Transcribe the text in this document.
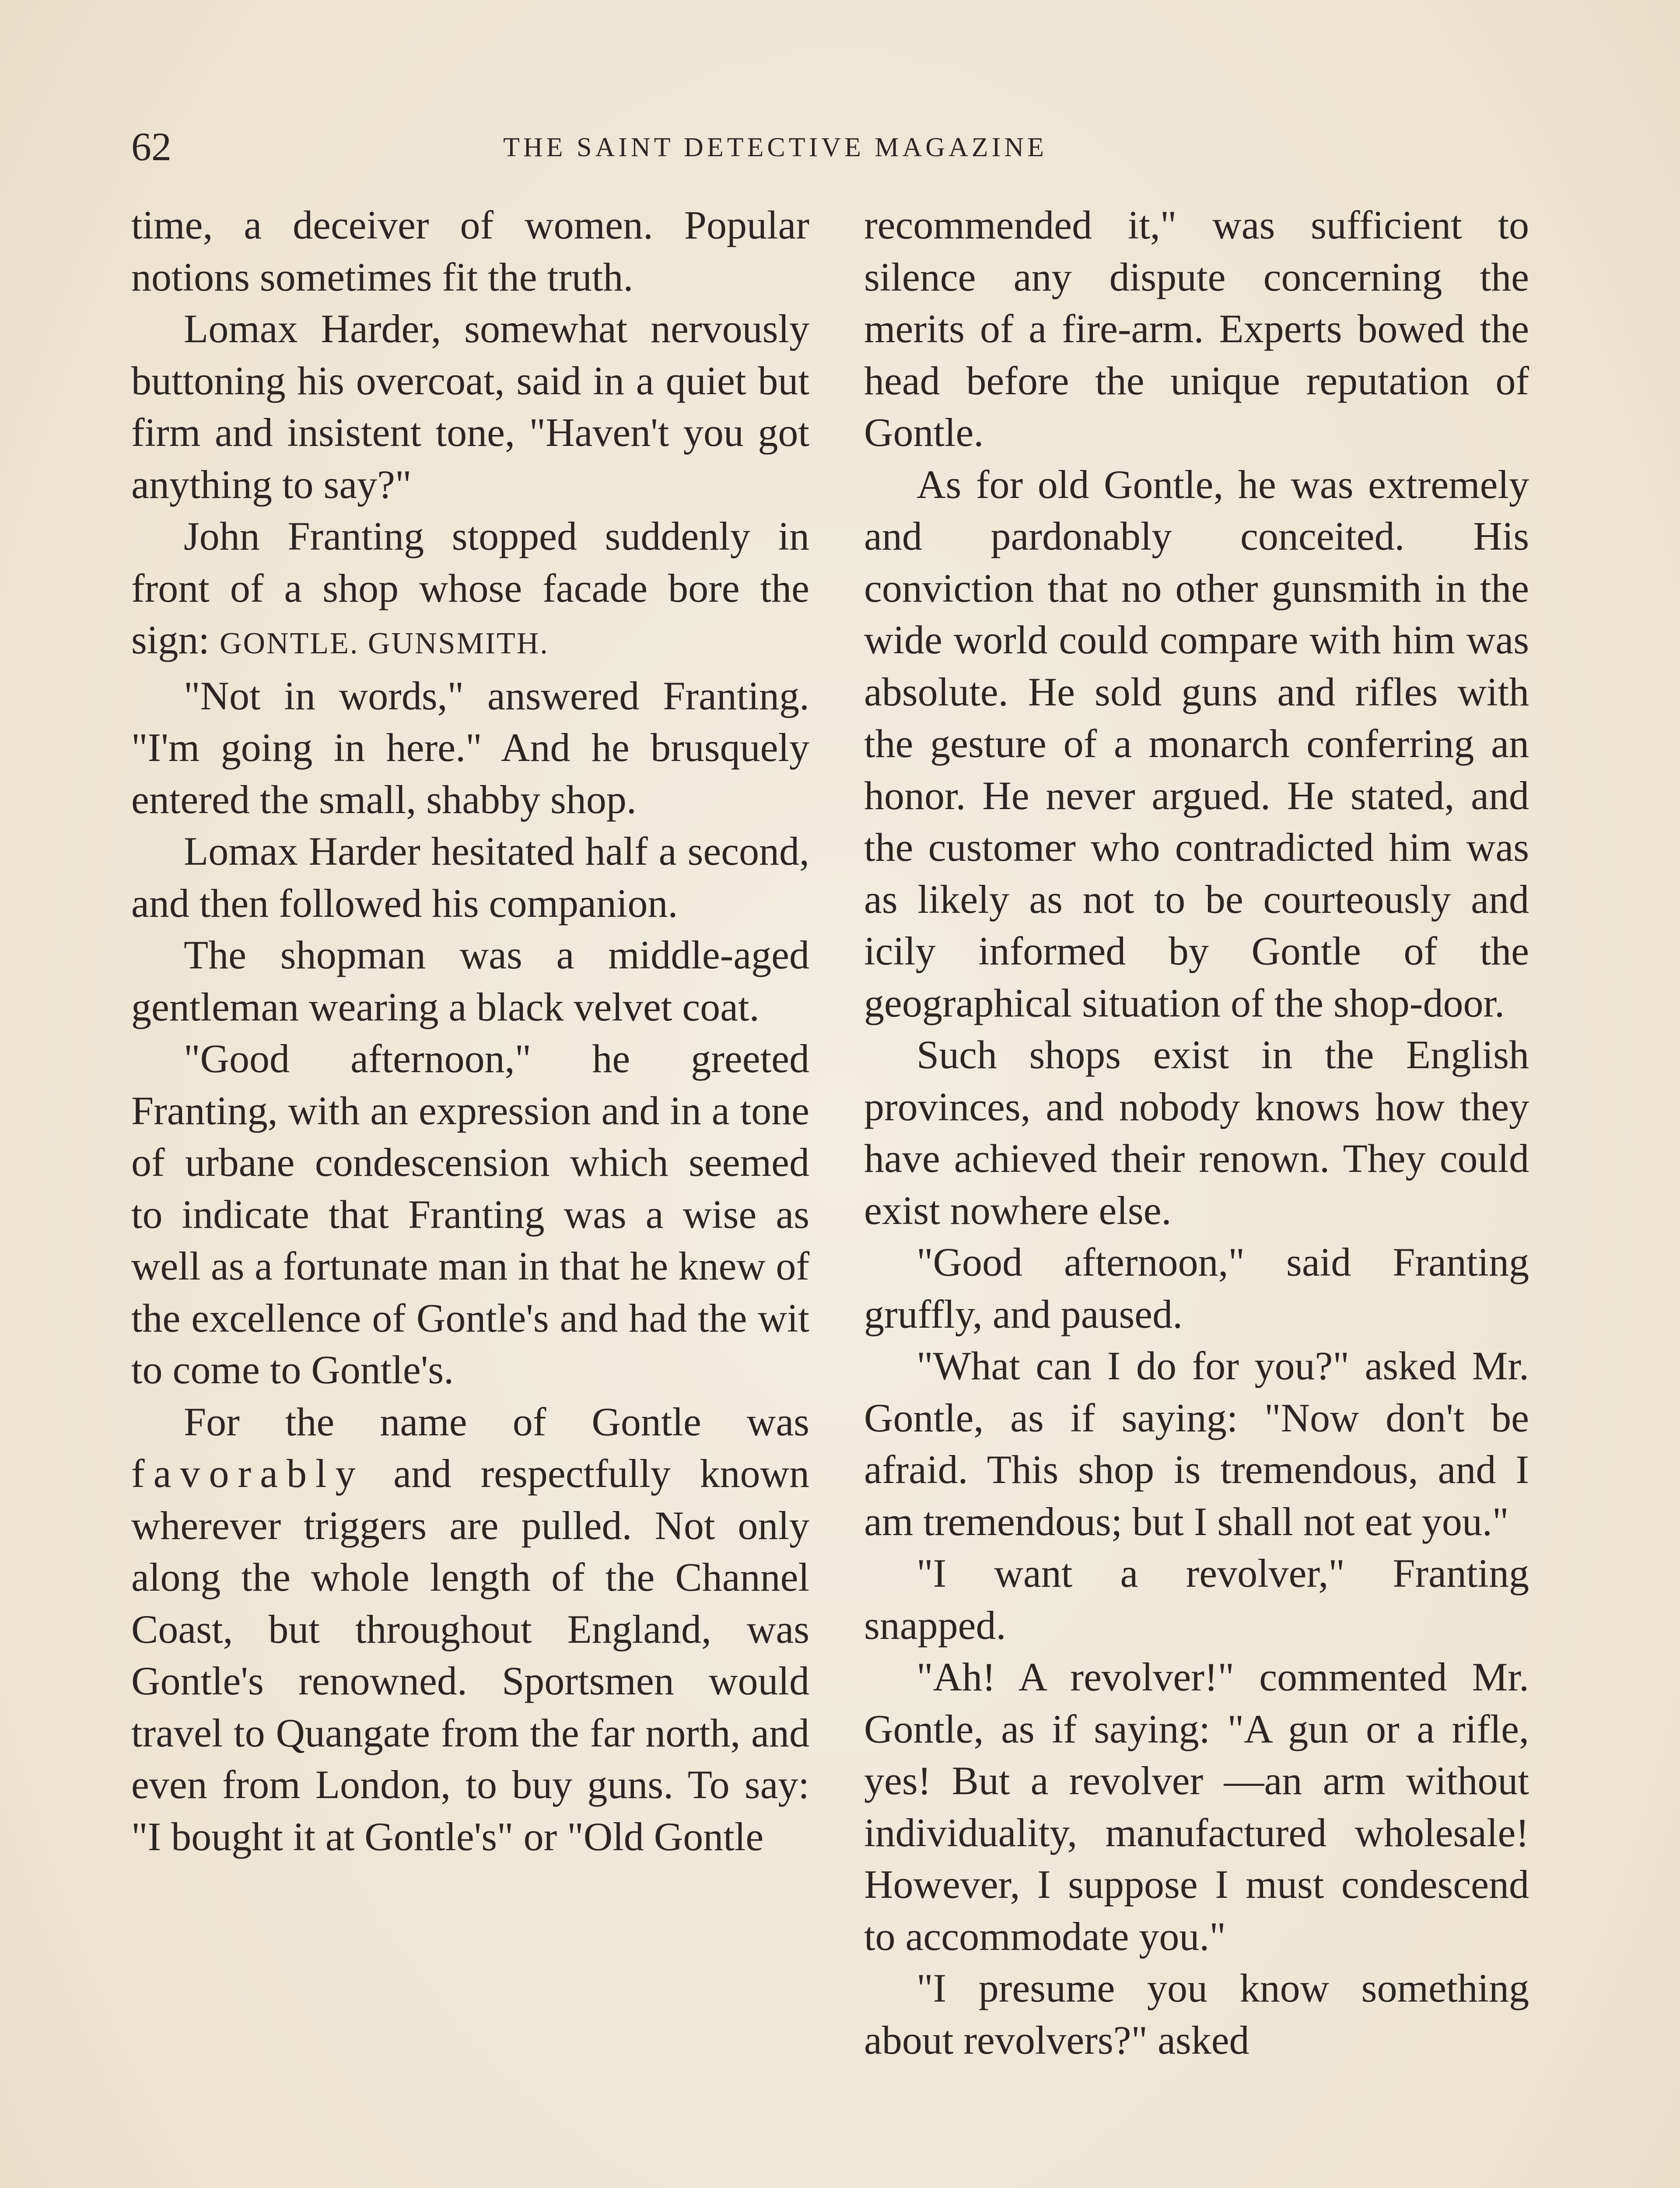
62	THE SAINT DETECTIVE MAGAZINE

time, a deceiver of women. Popular notions sometimes fit the truth.

Lomax Harder, somewhat nervously buttoning his overcoat, said in a quiet but firm and insistent tone, "Haven't you got anything to say?"

John Franting stopped suddenly in front of a shop whose facade bore the sign: GONTLE. GUNSMITH.

"Not in words," answered Franting. "I'm going in here." And he brusquely entered the small, shabby shop.

Lomax Harder hesitated half a second, and then followed his companion.

The shopman was a middle-aged gentleman wearing a black velvet coat.

"Good afternoon," he greeted Franting, with an expression and in a tone of urbane condescension which seemed to indicate that Franting was a wise as well as a fortunate man in that he knew of the excellence of Gontle's and had the wit to come to Gontle's.

For the name of Gontle was favorably and respectfully known wherever triggers are pulled. Not only along the whole length of the Channel Coast, but throughout England, was Gontle's renowned. Sportsmen would travel to Quangate from the far north, and even from London, to buy guns. To say: "I bought it at Gontle's" or "Old Gontle

recommended it," was sufficient to silence any dispute concerning the merits of a fire-arm. Experts bowed the head before the unique reputation of Gontle.

As for old Gontle, he was extremely and pardonably conceited. His conviction that no other gunsmith in the wide world could compare with him was absolute. He sold guns and rifles with the gesture of a monarch conferring an honor. He never argued. He stated, and the customer who contradicted him was as likely as not to be courteously and icily informed by Gontle of the geographical situation of the shop-door.

Such shops exist in the English provinces, and nobody knows how they have achieved their renown. They could exist nowhere else.

"Good afternoon," said Franting gruffly, and paused.

"What can I do for you?" asked Mr. Gontle, as if saying: "Now don't be afraid. This shop is tremendous, and I am tremendous; but I shall not eat you."

"I want a revolver," Franting snapped.

"Ah! A revolver!" commented Mr. Gontle, as if saying: "A gun or a rifle, yes! But a revolver —an arm without individuality, manufactured wholesale! However, I suppose I must condescend to accommodate you."

"I presume you know something about revolvers?" asked
